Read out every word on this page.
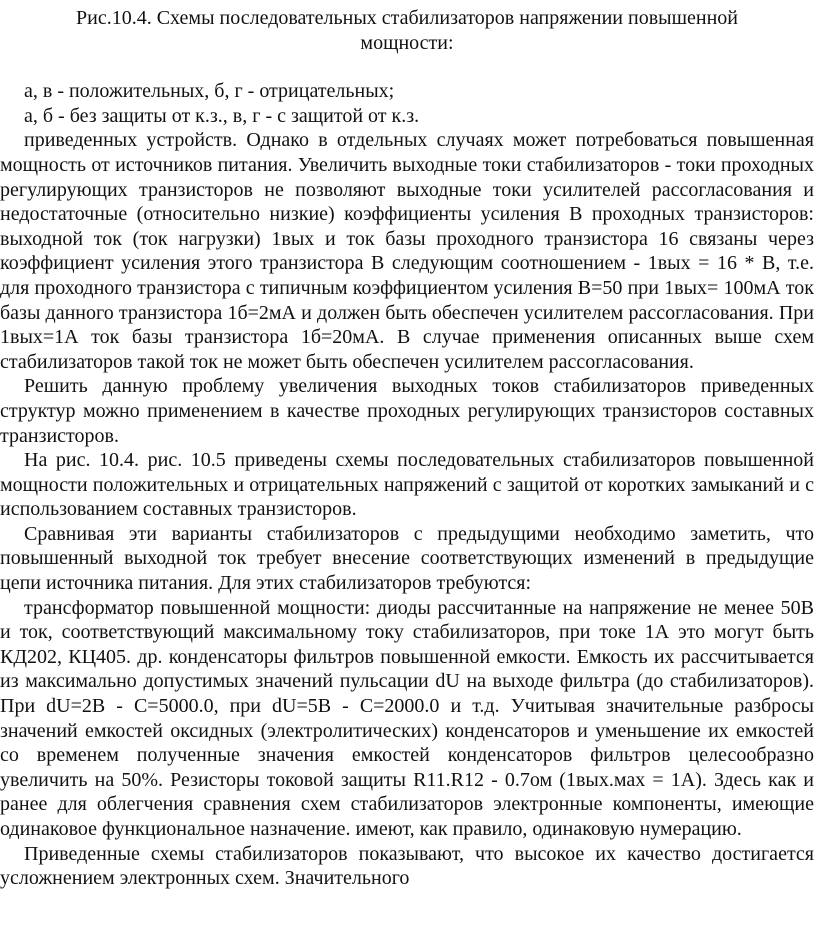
Рис.10.4. Схемы последовательных стабилизаторов напряжении повышенной мощности:

а, в - положительных, б, г - отрицательных;

а, б - без защиты от к.з., в, г - с защитой от к.з.

приведенных устройств. Однако в отдельных случаях может потребоваться повышенная мощность от источников питания. Увеличить выходные токи стабилизаторов - токи проходных регулирующих транзисторов не позволяют выходные токи усилителей рассогласования и недостаточные (относительно низкие) коэффициенты усиления B проходных транзисторов: выходной ток (ток нагрузки) 1вых и ток базы проходного транзистора 16 связаны через коэффициент усиления этого транзистора B следующим соотношением - 1вых = 16 * B, т.е. для проходного транзистора с типичным коэффициентом усиления B=50 при 1вых= 100мА ток базы данного транзистора 1б=2мА и должен быть обеспечен усилителем рассогласования. При 1вых=1А ток базы транзистора 1б=20мА. В случае применения описанных выше схем стабилизаторов такой ток не может быть обеспечен усилителем рассогласования.

Решить данную проблему увеличения выходных токов стабилизаторов приведенных структур можно применением в качестве проходных регулирующих транзисторов составных транзисторов.

На рис. 10.4. рис. 10.5 приведены схемы последовательных стабилизаторов повышенной мощности положительных и отрицательных напряжений с защитой от коротких замыканий и с использованием составных транзисторов.

Сравнивая эти варианты стабилизаторов с предыдущими необходимо заметить, что повышенный выходной ток требует внесение соответствующих изменений в предыдущие цепи источника питания. Для этих стабилизаторов требуются:

трансформатор повышенной мощности: диоды рассчитанные на напряжение не менее 50В и ток, соответствующий максимальному току стабилизаторов, при токе 1А это могут быть КД202, КЦ405. др. конденсаторы фильтров повышенной емкости. Емкость их рассчитывается из максимально допустимых значений пульсации dU на выходе фильтра (до стабилизаторов). При dU=2В - С=5000.0, при dU=5В - С=2000.0 и т.д. Учитывая значительные разбросы значений емкостей оксидных (электролитических) конденсаторов и уменьшение их емкостей со временем полученные значения емкостей конденсаторов фильтров целесообразно увеличить на 50%. Резисторы токовой защиты R11.R12 - 0.7ом (1вых.мах = 1А). Здесь как и ранее для облегчения сравнения схем стабилизаторов электронные компоненты, имеющие одинаковое функциональное назначение. имеют, как правило, одинаковую нумерацию.

Приведенные схемы стабилизаторов показывают, что высокое их качество достигается усложнением электронных схем. Значительного
